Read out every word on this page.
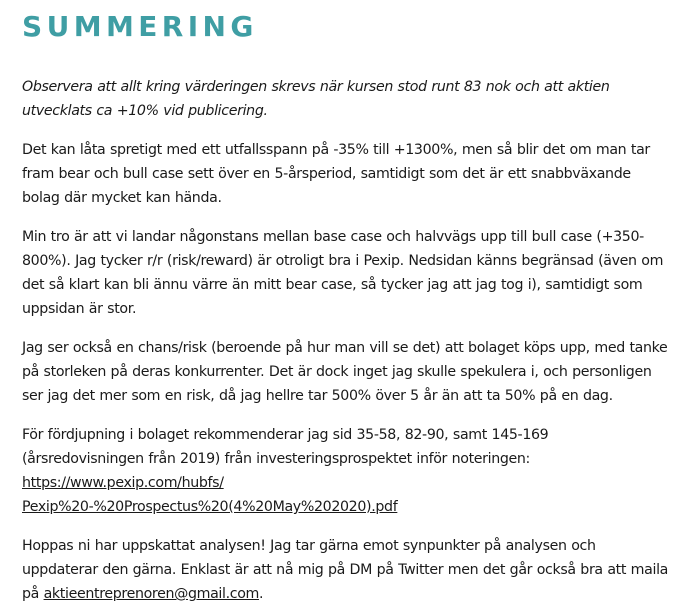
SUMMERING

Observera att allt kring värderingen skrevs när kursen stod runt 83 nok och att aktien utvecklats ca +10% vid publicering.

Det kan låta spretigt med ett utfallsspann på -35% till +1300%, men så blir det om man tar fram bear och bull case sett över en 5-årsperiod, samtidigt som det är ett snabbväxande bolag där mycket kan hända.

Min tro är att vi landar någonstans mellan base case och halvvägs upp till bull case (+350-800%). Jag tycker r/r (risk/reward) är otroligt bra i Pexip. Nedsidan känns begränsad (även om det så klart kan bli ännu värre än mitt bear case, så tycker jag att jag tog i), samtidigt som uppsidan är stor.

Jag ser också en chans/risk (beroende på hur man vill se det) att bolaget köps upp, med tanke på storleken på deras konkurrenter. Det är dock inget jag skulle spekulera i, och personligen ser jag det mer som en risk, då jag hellre tar 500% över 5 år än att ta 50% på en dag.

För fördjupning i bolaget rekommenderar jag sid 35-58, 82-90, samt 145-169 (årsredovisningen från 2019) från investeringsprospektet inför noteringen: https://www.pexip.com/hubfs/
Pexip%20-%20Prospectus%20(4%20May%202020).pdf

Hoppas ni har uppskattat analysen! Jag tar gärna emot synpunkter på analysen och uppdaterar den gärna. Enklast är att nå mig på DM på Twitter men det går också bra att maila på aktieentreprenoren@gmail.com.
